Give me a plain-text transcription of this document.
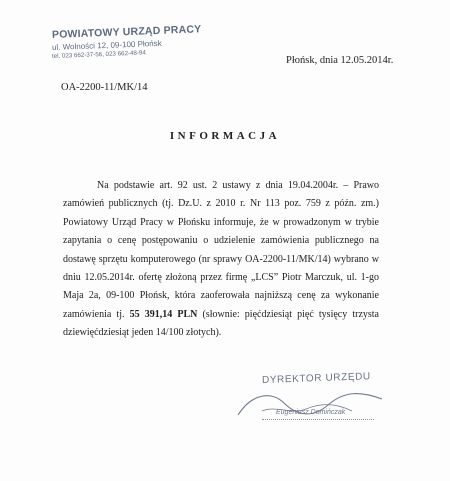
POWIATOWY URZĄD PRACY
ul. Wolności 12, 09-100 Płońsk
tel. 023 662-37-56, 023 662-48-94
OA-2200-11/MK/14
Płońsk, dnia 12.05.2014r.
INFORMACJA

Na podstawie art. 92 ust. 2 ustawy z dnia 19.04.2004r. – Prawo zamówień publicznych (tj. Dz.U. z 2010 r. Nr 113 poz. 759 z późn. zm.) Powiatowy Urząd Pracy w Płońsku informuje, że w prowadzonym w trybie zapytania o cenę postępowaniu o udzielenie zamówienia publicznego na dostawę sprzętu komputerowego (nr sprawy OA-2200-11/MK/14) wybrano w dniu 12.05.2014r. ofertę złożoną przez firmę „LCS” Piotr Marczuk, ul. 1-go Maja 2a, 09-100 Płońsk, która zaoferowała najniższą cenę za wykonanie zamówienia tj. 55 391,14 PLN (słownie: pięćdziesiąt pięć tysięcy trzysta dziewięćdziesiąt jeden 14/100 złotych).

DYREKTOR URZĘDU
Eugeniusz Domińczak
